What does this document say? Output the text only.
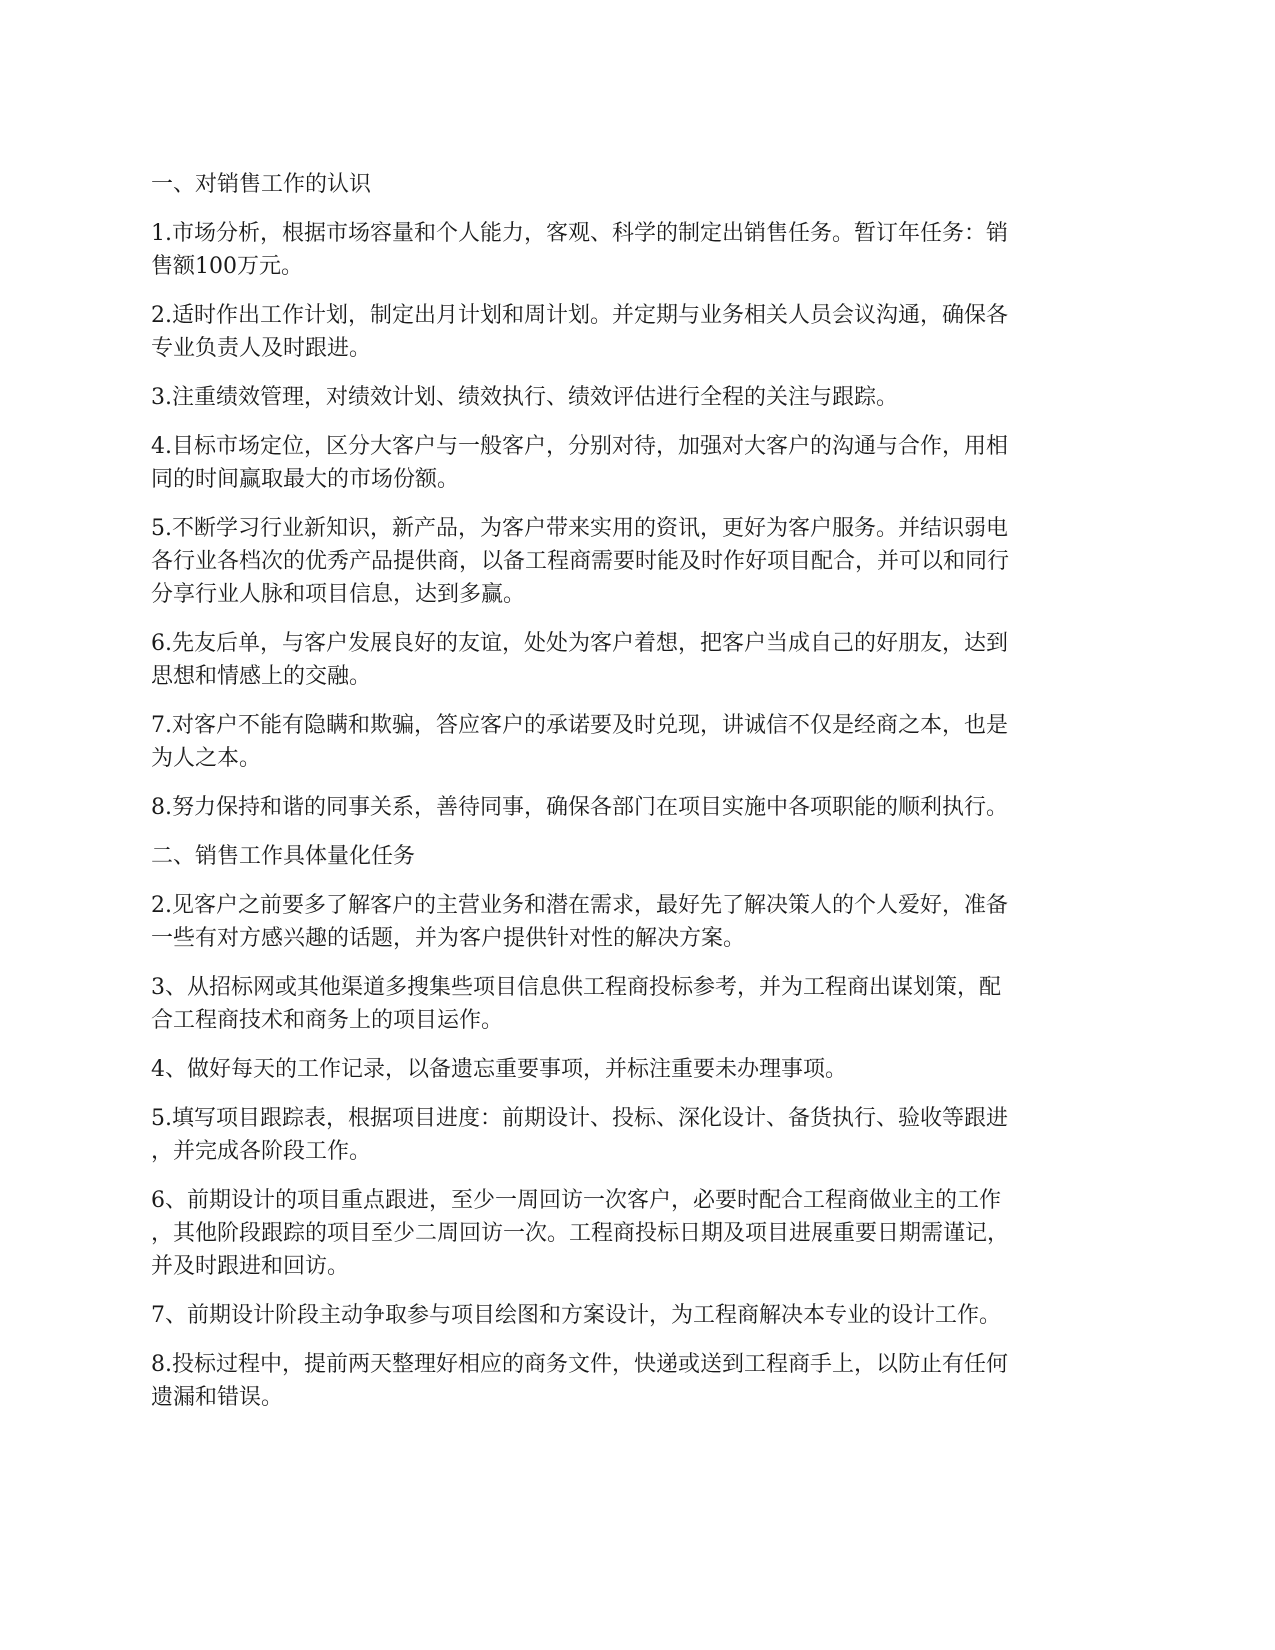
一、对销售工作的认识

1.市场分析，根据市场容量和个人能力，客观、科学的制定出销售任务。暂订年任务：销
售额100万元。

2.适时作出工作计划，制定出月计划和周计划。并定期与业务相关人员会议沟通，确保各
专业负责人及时跟进。

3.注重绩效管理，对绩效计划、绩效执行、绩效评估进行全程的关注与跟踪。

4.目标市场定位，区分大客户与一般客户，分别对待，加强对大客户的沟通与合作，用相
同的时间赢取最大的市场份额。

5.不断学习行业新知识，新产品，为客户带来实用的资讯，更好为客户服务。并结识弱电
各行业各档次的优秀产品提供商，以备工程商需要时能及时作好项目配合，并可以和同行
分享行业人脉和项目信息，达到多赢。

6.先友后单，与客户发展良好的友谊，处处为客户着想，把客户当成自己的好朋友，达到
思想和情感上的交融。

7.对客户不能有隐瞒和欺骗，答应客户的承诺要及时兑现，讲诚信不仅是经商之本，也是
为人之本。

8.努力保持和谐的同事关系，善待同事，确保各部门在项目实施中各项职能的顺利执行。

二、销售工作具体量化任务

2.见客户之前要多了解客户的主营业务和潜在需求，最好先了解决策人的个人爱好，准备
一些有对方感兴趣的话题，并为客户提供针对性的解决方案。

3、从招标网或其他渠道多搜集些项目信息供工程商投标参考，并为工程商出谋划策，配
合工程商技术和商务上的项目运作。

4、做好每天的工作记录，以备遗忘重要事项，并标注重要未办理事项。

5.填写项目跟踪表，根据项目进度：前期设计、投标、深化设计、备货执行、验收等跟进
，并完成各阶段工作。

6、前期设计的项目重点跟进，至少一周回访一次客户，必要时配合工程商做业主的工作
，其他阶段跟踪的项目至少二周回访一次。工程商投标日期及项目进展重要日期需谨记，
并及时跟进和回访。

7、前期设计阶段主动争取参与项目绘图和方案设计，为工程商解决本专业的设计工作。

8.投标过程中，提前两天整理好相应的商务文件，快递或送到工程商手上，以防止有任何
遗漏和错误。
